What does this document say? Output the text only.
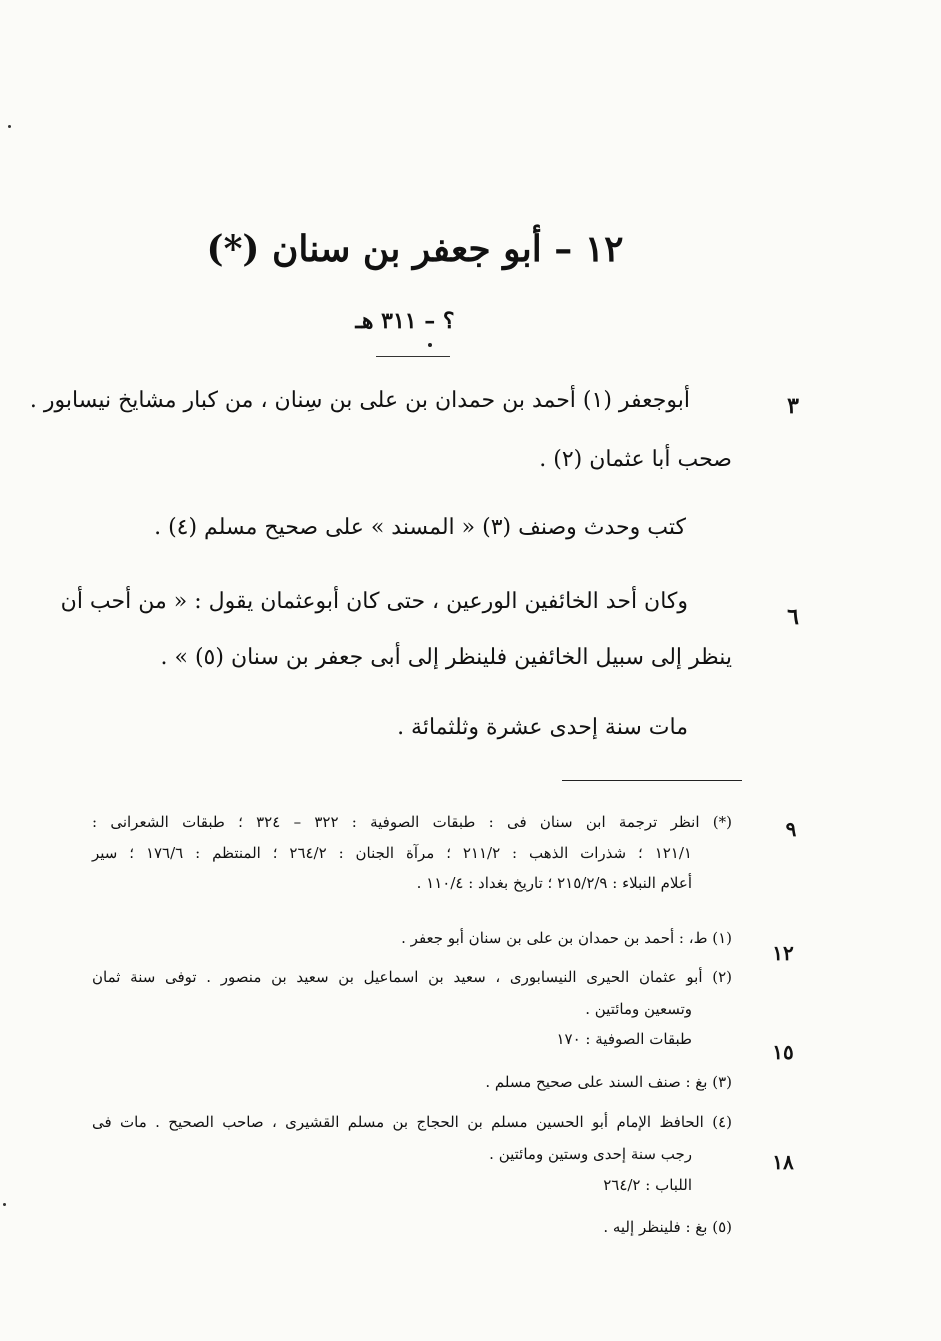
١٢ – أبو جعفر بن سنان (*)
؟ – ٣١١ هـ
٣
٦
٩
١٢
١٥
١٨
أبوجعفر (١) أحمد بن حمدان بن على بن سِنان ، من كبار مشايخ نيسابور .
صحب أبا عثمان (٢) .
كتب وحدث وصنف (٣) « المسند » على صحيح مسلم (٤) .
وكان أحد الخائفين الورعين ، حتى كان أبوعثمان يقول : « من أحب أن
ينظر إلى سبيل الخائفين فلينظر إلى أبى جعفر بن سنان (٥) » .
مات سنة إحدى عشرة وثلثمائة .
(*) انظر ترجمة ابن سنان فى : طبقات الصوفية : ٣٢٢ – ٣٢٤ ؛ طبقات الشعرانى :
١٢١/١ ؛ شذرات الذهب : ٢١١/٢ ؛ مرآة الجنان : ٢٦٤/٢ ؛ المنتظم : ١٧٦/٦ ؛ سير
أعلام النبلاء : ٢١٥/٢/٩ ؛ تاريخ بغداد : ١١٠/٤ .
(١) ط، : أحمد بن حمدان بن على بن سنان أبو جعفر .
(٢) أبو عثمان الحيرى النيسابورى ، سعيد بن اسماعيل بن سعيد بن منصور . توفى سنة ثمان
وتسعين ومائتين .
طبقات الصوفية : ١٧٠
(٣) بغ : صنف السند على صحيح مسلم .
(٤) الحافظ الإمام أبو الحسين مسلم بن الحجاج بن مسلم القشيرى ، صاحب الصحيح . مات فى
رجب سنة إحدى وستين ومائتين .
اللباب : ٢٦٤/٢
(٥) بغ : فلينظر إليه .
